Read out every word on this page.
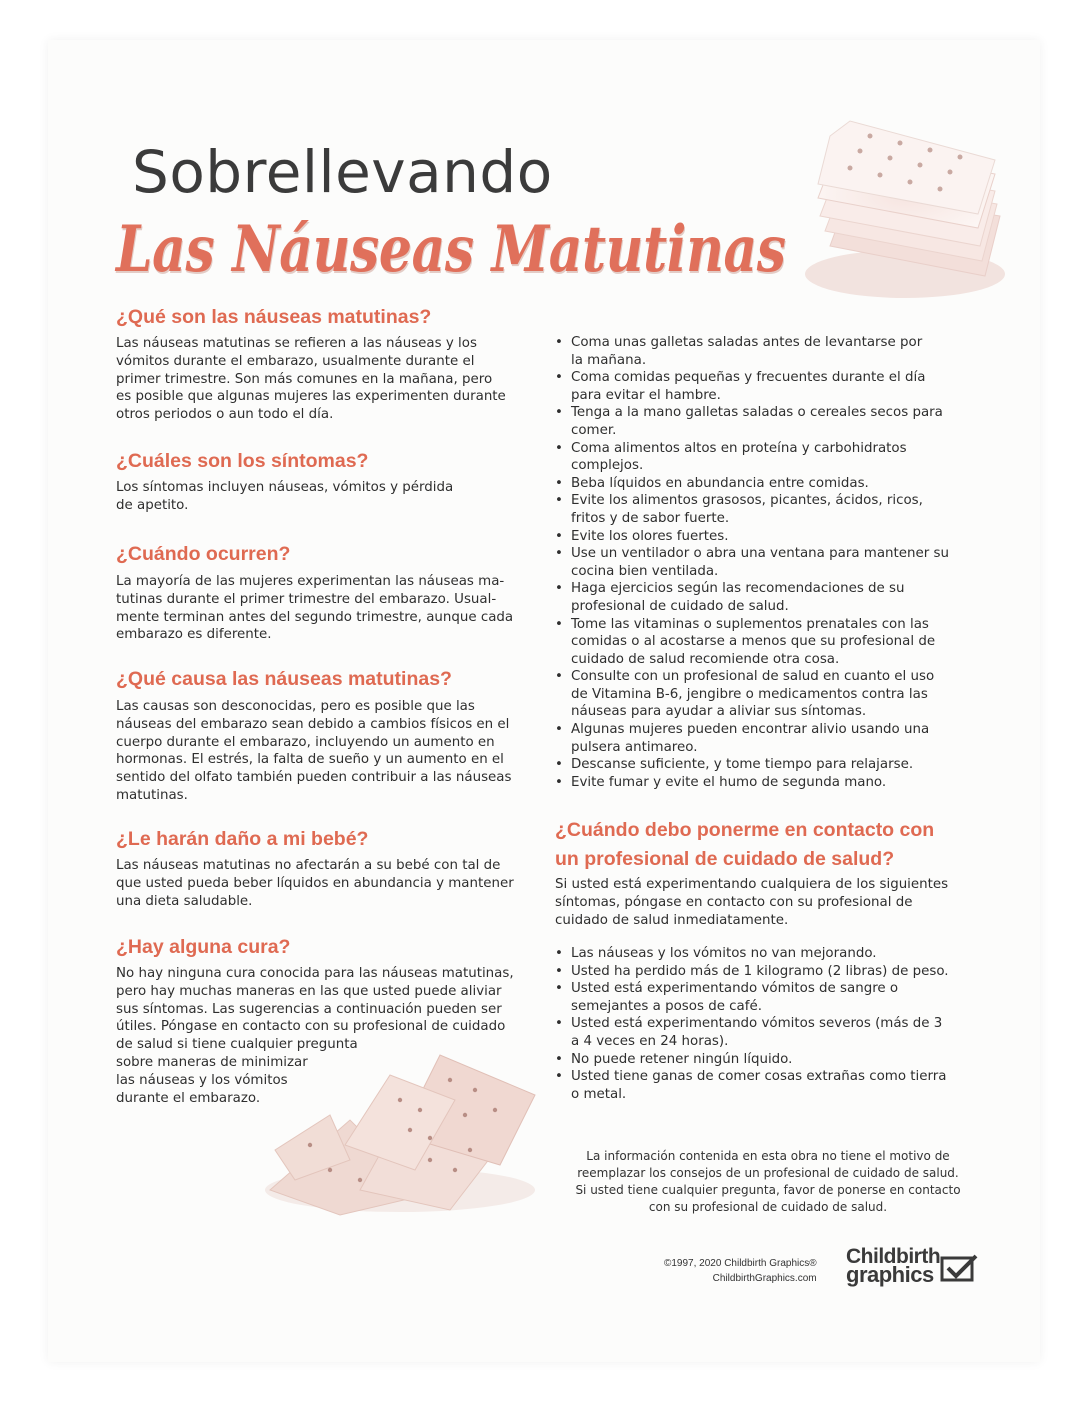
Sobrellevando
Las Náuseas Matutinas
¿Qué son las náuseas matutinas?
Las náuseas matutinas se refieren a las náuseas y los
vómitos durante el embarazo, usualmente durante el
primer trimestre. Son más comunes en la mañana, pero
es posible que algunas mujeres las experimenten durante
otros periodos o aun todo el día.
¿Cuáles son los síntomas?
Los síntomas incluyen náuseas, vómitos y pérdida
de apetito.
¿Cuándo ocurren?
La mayoría de las mujeres experimentan las náuseas ma-
tutinas durante el primer trimestre del embarazo. Usual-
mente terminan antes del segundo trimestre, aunque cada
embarazo es diferente.
¿Qué causa las náuseas matutinas?
Las causas son desconocidas, pero es posible que las
náuseas del embarazo sean debido a cambios físicos en el
cuerpo durante el embarazo, incluyendo un aumento en
hormonas. El estrés, la falta de sueño y un aumento en el
sentido del olfato también pueden contribuir a las náuseas
matutinas.
¿Le harán daño a mi bebé?
Las náuseas matutinas no afectarán a su bebé con tal de
que usted pueda beber líquidos en abundancia y mantener
una dieta saludable.
¿Hay alguna cura?
No hay ninguna cura conocida para las náuseas matutinas,
pero hay muchas maneras en las que usted puede aliviar
sus síntomas. Las sugerencias a continuación pueden ser
útiles. Póngase en contacto con su profesional de cuidado
de salud si tiene cualquier pregunta
sobre maneras de minimizar
las náuseas y los vómitos
durante el embarazo.
• Coma unas galletas saladas antes de levantarse por
la mañana.
• Coma comidas pequeñas y frecuentes durante el día
para evitar el hambre.
• Tenga a la mano galletas saladas o cereales secos para
comer.
• Coma alimentos altos en proteína y carbohidratos
complejos.
• Beba líquidos en abundancia entre comidas.
• Evite los alimentos grasosos, picantes, ácidos, ricos,
fritos y de sabor fuerte.
• Evite los olores fuertes.
• Use un ventilador o abra una ventana para mantener su
cocina bien ventilada.
• Haga ejercicios según las recomendaciones de su
profesional de cuidado de salud.
• Tome las vitaminas o suplementos prenatales con las
comidas o al acostarse a menos que su profesional de
cuidado de salud recomiende otra cosa.
• Consulte con un profesional de salud en cuanto el uso
de Vitamina B-6, jengibre o medicamentos contra las
náuseas para ayudar a aliviar sus síntomas.
• Algunas mujeres pueden encontrar alivio usando una
pulsera antimareo.
• Descanse suficiente, y tome tiempo para relajarse.
• Evite fumar y evite el humo de segunda mano.
¿Cuándo debo ponerme en contacto con
un profesional de cuidado de salud?
Si usted está experimentando cualquiera de los siguientes
síntomas, póngase en contacto con su profesional de
cuidado de salud inmediatamente.
• Las náuseas y los vómitos no van mejorando.
• Usted ha perdido más de 1 kilogramo (2 libras) de peso.
• Usted está experimentando vómitos de sangre o
semejantes a posos de café.
• Usted está experimentando vómitos severos (más de 3
a 4 veces en 24 horas).
• No puede retener ningún líquido.
• Usted tiene ganas de comer cosas extrañas como tierra
o metal.
La información contenida en esta obra no tiene el motivo de
reemplazar los consejos de un profesional de cuidado de salud.
Si usted tiene cualquier pregunta, favor de ponerse en contacto
con su profesional de cuidado de salud.
©1997, 2020 Childbirth Graphics®
ChildbirthGraphics.com
Childbirth
graphics
